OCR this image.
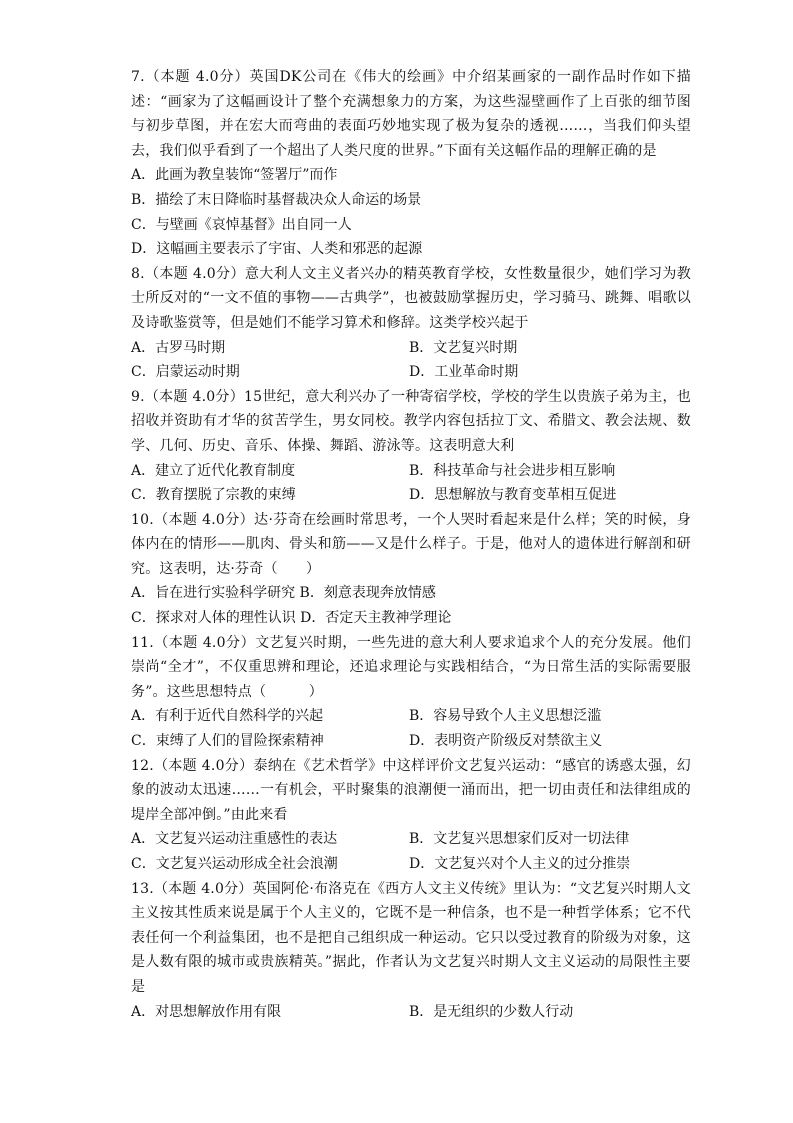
7.（本题 4.0分）英国DK公司在《伟大的绘画》中介绍某画家的一副作品时作如下描述：“画家为了这幅画设计了整个充满想象力的方案，为这些湿壁画作了上百张的细节图与初步草图，并在宏大而弯曲的表面巧妙地实现了极为复杂的透视……，当我们仰头望去，我们似乎看到了一个超出了人类尺度的世界。”下面有关这幅作品的理解正确的是
A．此画为教皇装饰“签署厅”而作
B．描绘了末日降临时基督裁决众人命运的场景
C．与壁画《哀悼基督》出自同一人
D．这幅画主要表示了宇宙、人类和邪恶的起源
8.（本题 4.0分）意大利人文主义者兴办的精英教育学校，女性数量很少，她们学习为教士所反对的“一文不值的事物——古典学”，也被鼓励掌握历史，学习骑马、跳舞、唱歌以及诗歌鉴赏等，但是她们不能学习算术和修辞。这类学校兴起于
A．古罗马时期	B．文艺复兴时期
C．启蒙运动时期	D．工业革命时期
9.（本题 4.0分）15世纪，意大利兴办了一种寄宿学校，学校的学生以贵族子弟为主，也招收并资助有才华的贫苦学生，男女同校。教学内容包括拉丁文、希腊文、教会法规、数学、几何、历史、音乐、体操、舞蹈、游泳等。这表明意大利
A．建立了近代化教育制度	B．科技革命与社会进步相互影响
C．教育摆脱了宗教的束缚	D．思想解放与教育变革相互促进
10.（本题 4.0分）达·芬奇在绘画时常思考，一个人哭时看起来是什么样；笑的时候，身体内在的情形——肌肉、骨头和筋——又是什么样子。于是，他对人的遗体进行解剖和研究。这表明，达·芬奇（　　）
A．旨在进行实验科学研究 B．刻意表现奔放情感
C．探求对人体的理性认识 D．否定天主教神学理论
11.（本题 4.0分）文艺复兴时期，一些先进的意大利人要求追求个人的充分发展。他们崇尚“全才”，不仅重思辨和理论，还追求理论与实践相结合，“为日常生活的实际需要服务”。这些思想特点（　　　）
A．有利于近代自然科学的兴起	B．容易导致个人主义思想泛滥
C．束缚了人们的冒险探索精神	D．表明资产阶级反对禁欲主义
12.（本题 4.0分）泰纳在《艺术哲学》中这样评价文艺复兴运动：“感官的诱惑太强，幻象的波动太迅速……一有机会，平时聚集的浪潮便一涌而出，把一切由责任和法律组成的堤岸全部冲倒。”由此来看
A．文艺复兴运动注重感性的表达	B．文艺复兴思想家们反对一切法律
C．文艺复兴运动形成全社会浪潮	D．文艺复兴对个人主义的过分推崇
13.（本题 4.0分）英国阿伦·布洛克在《西方人文主义传统》里认为：“文艺复兴时期人文主义按其性质来说是属于个人主义的，它既不是一种信条，也不是一种哲学体系；它不代表任何一个利益集团，也不是把自己组织成一种运动。它只以受过教育的阶级为对象，这是人数有限的城市或贵族精英。”据此，作者认为文艺复兴时期人文主义运动的局限性主要是
A．对思想解放作用有限	B．是无组织的少数人行动
